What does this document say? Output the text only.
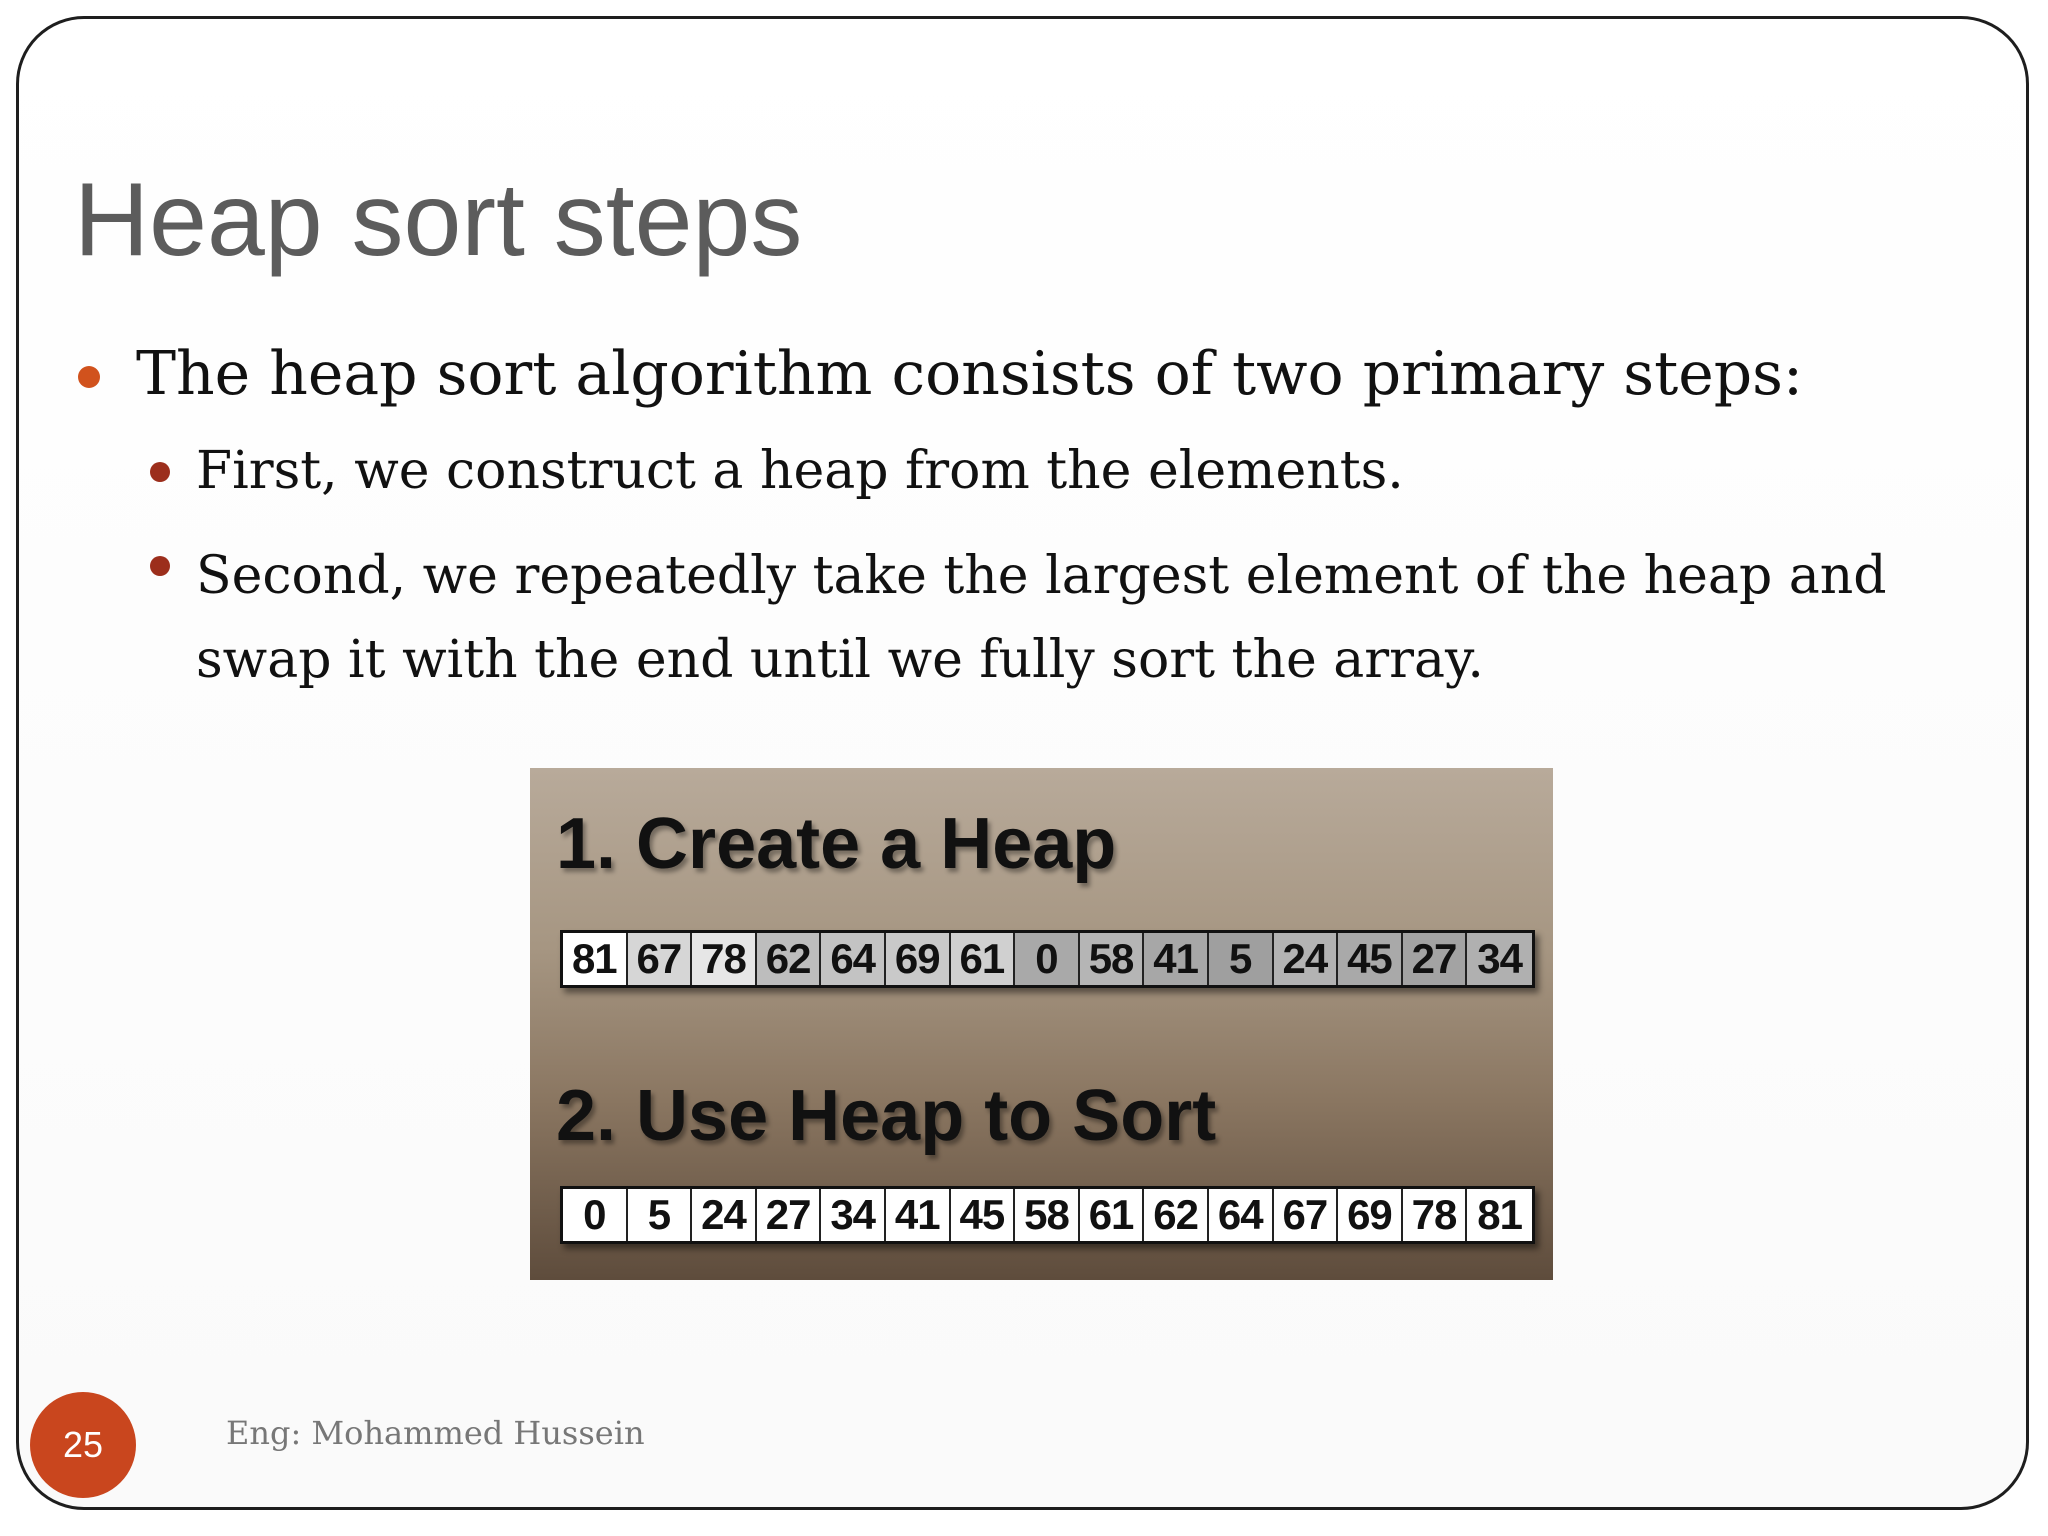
Heap sort steps
The heap sort algorithm consists of two primary steps:
First, we construct a heap from the elements.
Second, we repeatedly take the largest element of the heap and swap it with the end until we fully sort the array.
1. Create a Heap
81 67 78 62 64 69 61 0 58 41 5 24 45 27 34
2. Use Heap to Sort
0	5 24 27 34 41 45 58 61 62 64 67 69 78 81
25	Eng: Mohammed Hussein
